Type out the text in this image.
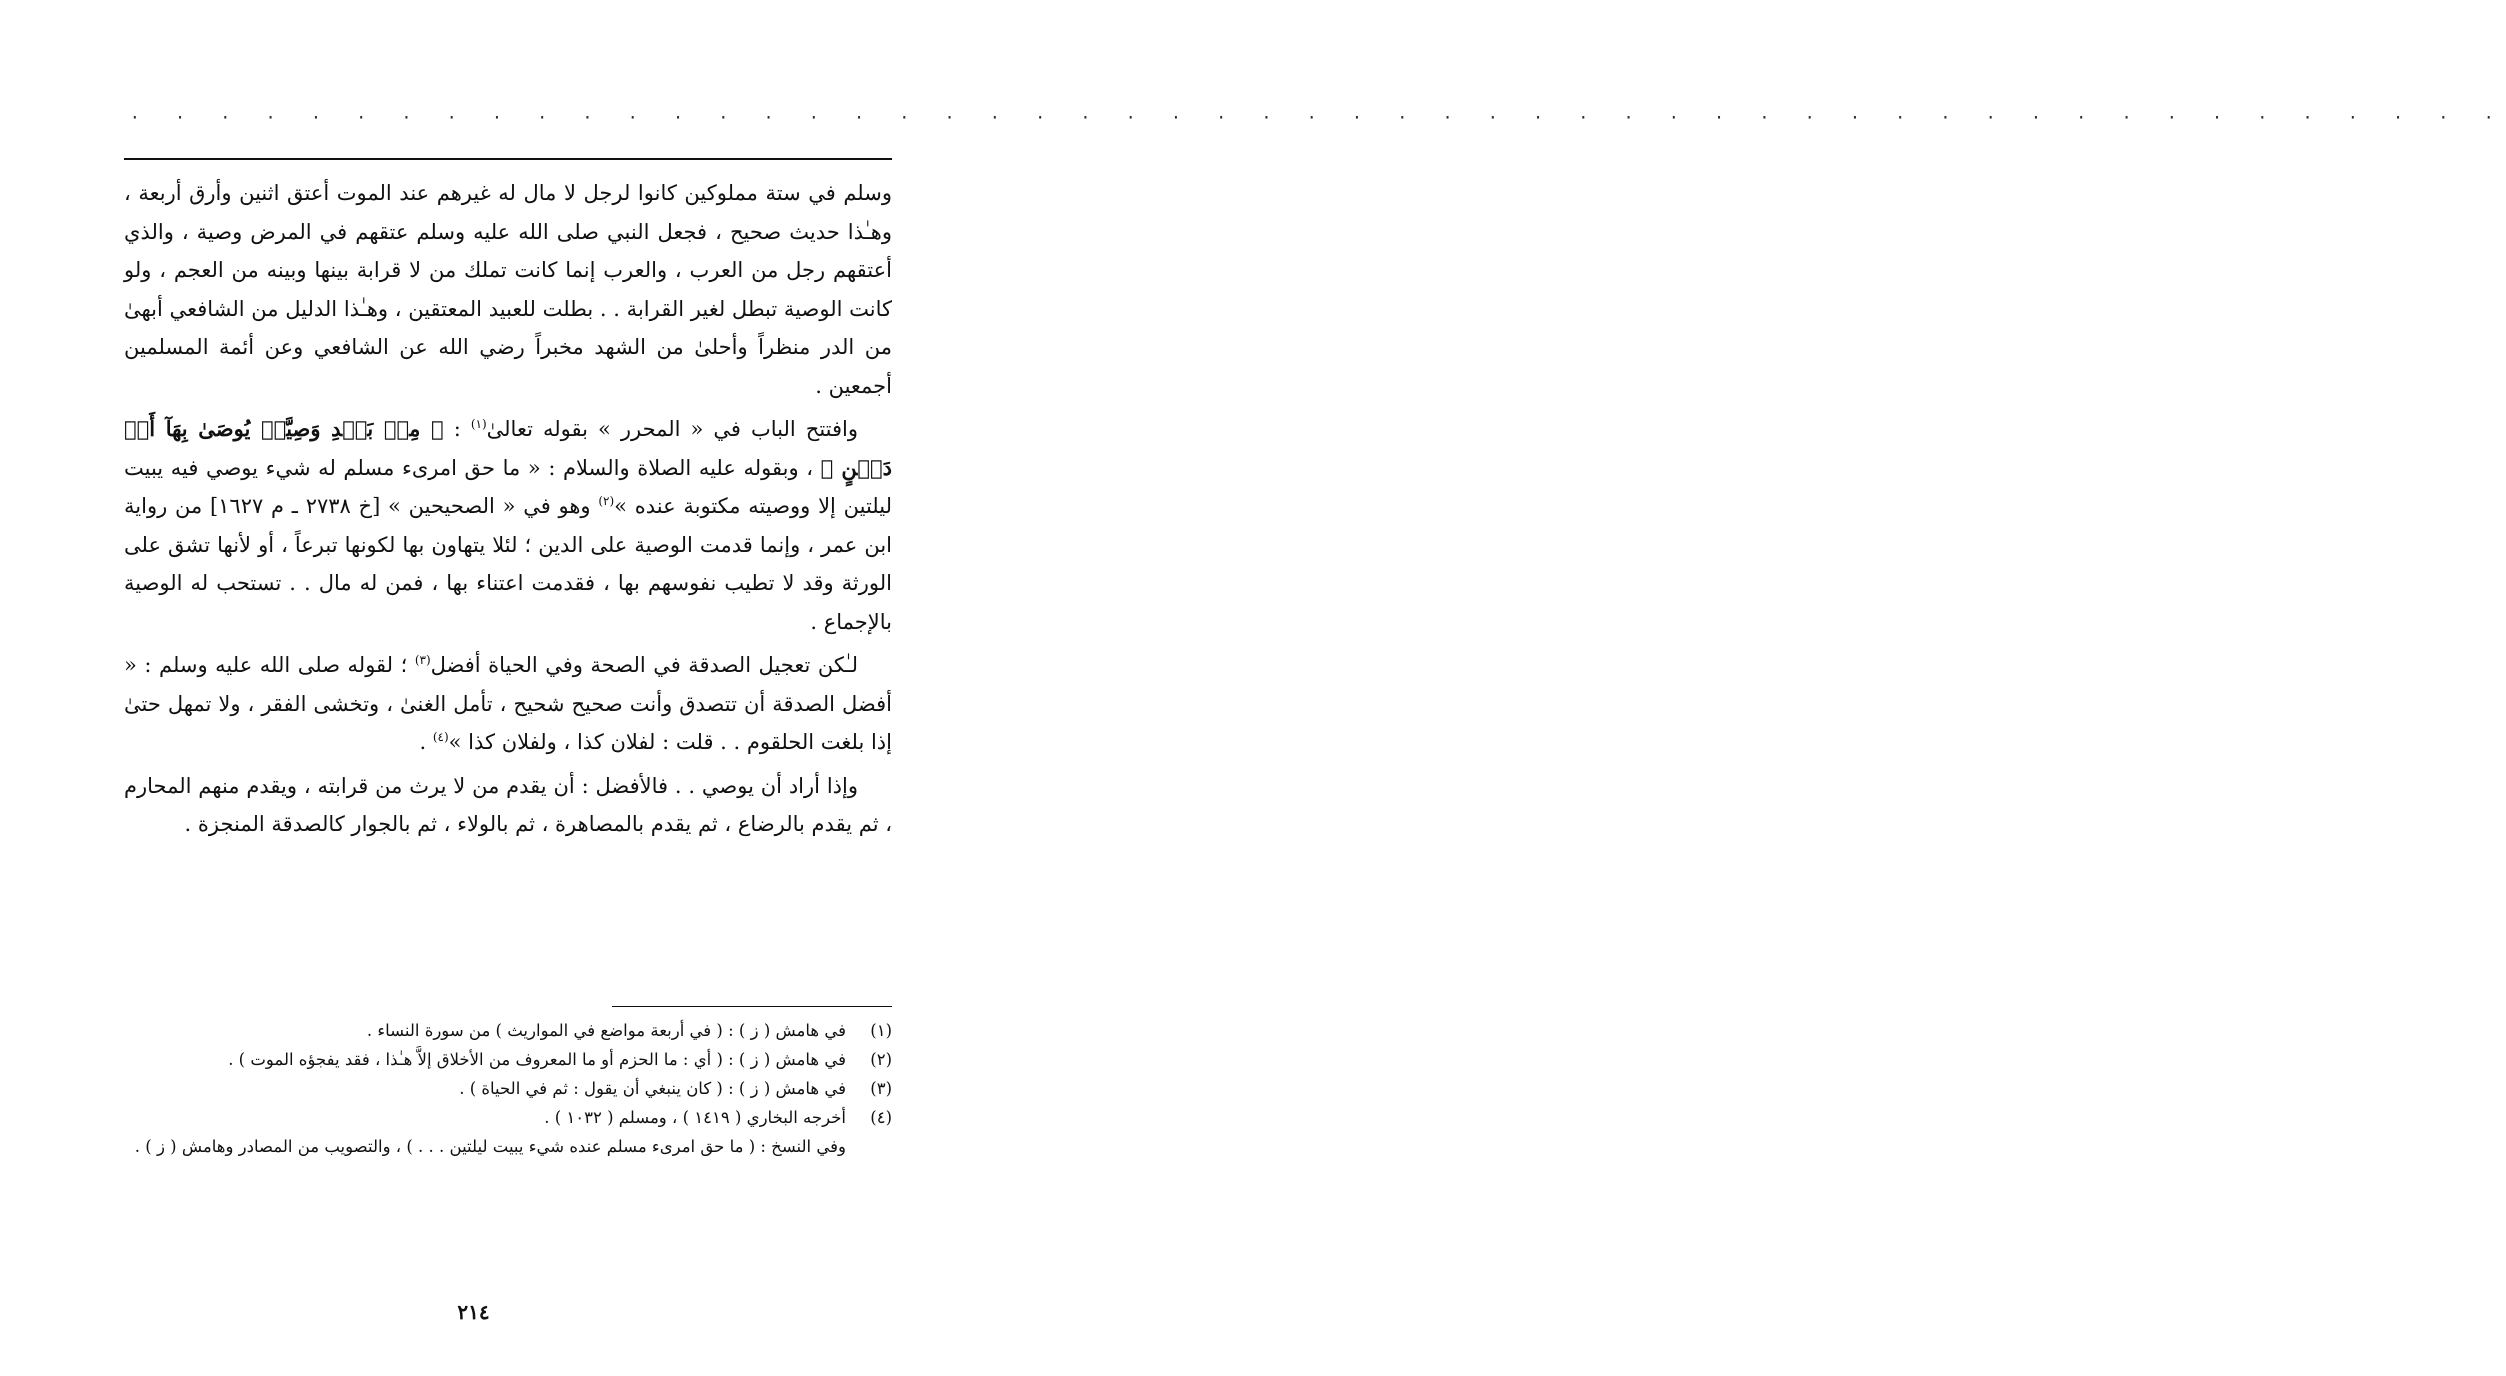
· · · · · · · · · · · · · · · · · · · · · · · · · · · · · · · · · · · · · · · · · · · · · · · · · · · · ·

وسلم في ستة مملوكين كانوا لرجل لا مال له غيرهم عند الموت أعتق اثنين وأرق أربعة ، وهـٰذا حديث صحيح ، فجعل النبي صلى الله عليه وسلم عتقهم في المرض وصية ، والذي أعتقهم رجل من العرب ، والعرب إنما كانت تملك من لا قرابة بينها وبينه من العجم ، ولو كانت الوصية تبطل لغير القرابة . . بطلت للعبيد المعتقين ، وهـٰذا الدليل من الشافعي أبهىٰ من الدر منظراً وأحلىٰ من الشهد مخبراً رضي الله عن الشافعي وعن أئمة المسلمين أجمعين .

وافتتح الباب في « المحرر » بقوله تعالىٰ$^{(١)}$ : ﴿ مِنۢ بَعۡدِ وَصِيَّةٖ يُوصَىٰ بِهَآ أَوۡ دَيۡنٍ ﴾ ، وبقوله عليه الصلاة والسلام : « ما حق امرىء مسلم له شيء يوصي فيه يبيت ليلتين إلا ووصيته مكتوبة عنده »$^{(٢)}$ وهو في « الصحيحين » [خ ٢٧٣٨ ـ م ١٦٢٧] من رواية ابن عمر ، وإنما قدمت الوصية على الدين ؛ لئلا يتهاون بها لكونها تبرعاً ، أو لأنها تشق على الورثة وقد لا تطيب نفوسهم بها ، فقدمت اعتناء بها ، فمن له مال . . تستحب له الوصية بالإجماع .

لـٰكن تعجيل الصدقة في الصحة وفي الحياة أفضل$^{(٣)}$ ؛ لقوله صلى الله عليه وسلم : « أفضل الصدقة أن تتصدق وأنت صحيح شحيح ، تأمل الغنىٰ ، وتخشى الفقر ، ولا تمهل حتىٰ إذا بلغت الحلقوم . . قلت : لفلان كذا ، ولفلان كذا »$^{(٤)}$ .

وإذا أراد أن يوصي . . فالأفضل : أن يقدم من لا يرث من قرابته ، ويقدم منهم المحارم ، ثم يقدم بالرضاع ، ثم يقدم بالمصاهرة ، ثم بالولاء ، ثم بالجوار كالصدقة المنجزة .

(١)
في هامش ( ز ) : ( في أربعة مواضع في المواريث ) من سورة النساء .
(٢)
في هامش ( ز ) : ( أي : ما الحزم أو ما المعروف من الأخلاق إلاَّ هـٰذا ، فقد يفجؤه الموت ) .
(٣)
في هامش ( ز ) : ( كان ينبغي أن يقول : ثم في الحياة ) .
(٤)
أخرجه البخاري ( ١٤١٩ ) ، ومسلم ( ١٠٣٢ ) .

وفي النسخ : ( ما حق امرىء مسلم عنده شيء يبيت ليلتين . . . ) ، والتصويب من المصادر وهامش ( ز ) .

٢١٤
